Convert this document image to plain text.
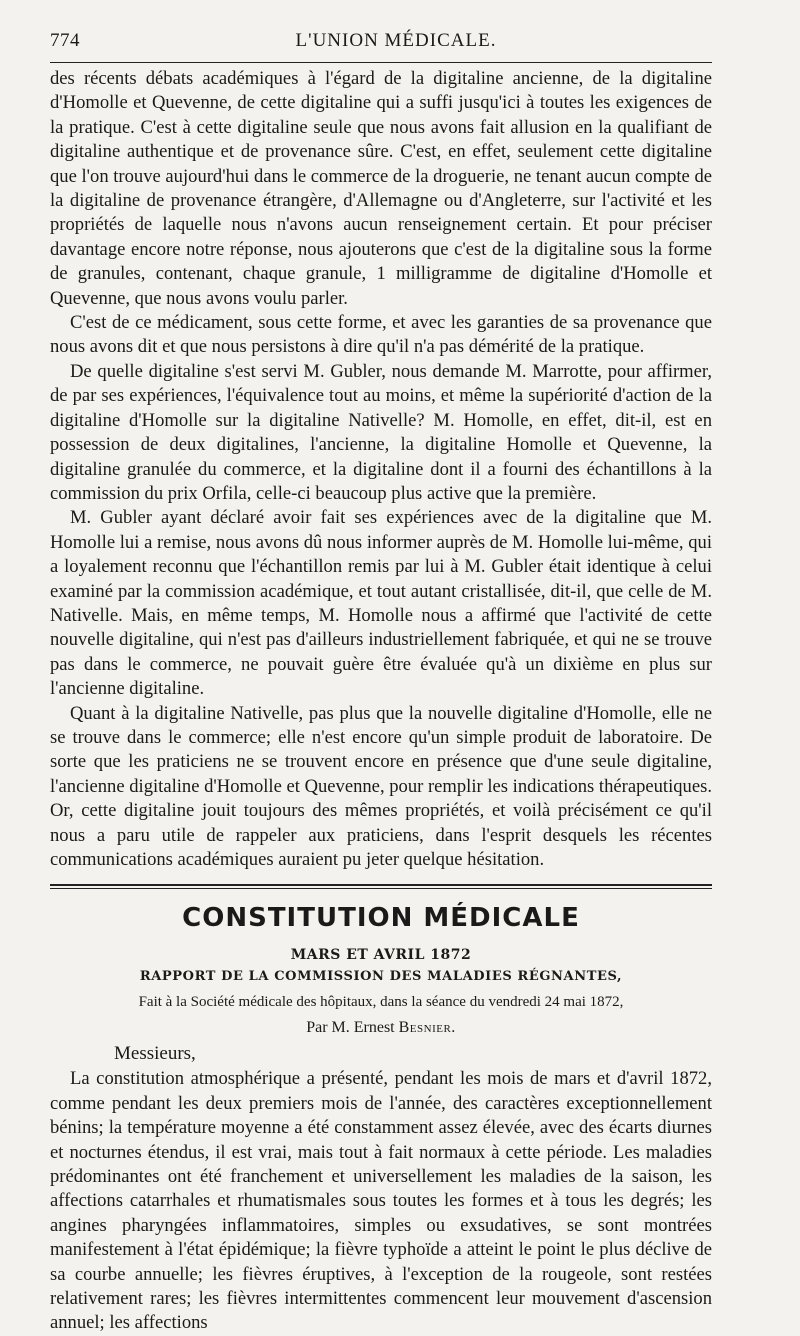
774	L'UNION MÉDICALE.

des récents débats académiques à l'égard de la digitaline ancienne, de la digitaline d'Homolle et Quevenne, de cette digitaline qui a suffi jusqu'ici à toutes les exigences de la pratique. C'est à cette digitaline seule que nous avons fait allusion en la qualifiant de digitaline authentique et de provenance sûre. C'est, en effet, seulement cette digitaline que l'on trouve aujourd'hui dans le commerce de la droguerie, ne tenant aucun compte de la digitaline de provenance étrangère, d'Allemagne ou d'Angleterre, sur l'activité et les propriétés de laquelle nous n'avons aucun renseignement certain. Et pour préciser davantage encore notre réponse, nous ajouterons que c'est de la digitaline sous la forme de granules, contenant, chaque granule, 1 milligramme de digitaline d'Homolle et Quevenne, que nous avons voulu parler.

C'est de ce médicament, sous cette forme, et avec les garanties de sa provenance que nous avons dit et que nous persistons à dire qu'il n'a pas démérité de la pratique.

De quelle digitaline s'est servi M. Gubler, nous demande M. Marrotte, pour affirmer, de par ses expériences, l'équivalence tout au moins, et même la supériorité d'action de la digitaline d'Homolle sur la digitaline Nativelle? M. Homolle, en effet, dit-il, est en possession de deux digitalines, l'ancienne, la digitaline Homolle et Quevenne, la digitaline granulée du commerce, et la digitaline dont il a fourni des échantillons à la commission du prix Orfila, celle-ci beaucoup plus active que la première.

M. Gubler ayant déclaré avoir fait ses expériences avec de la digitaline que M. Homolle lui a remise, nous avons dû nous informer auprès de M. Homolle lui-même, qui a loyalement reconnu que l'échantillon remis par lui à M. Gubler était identique à celui examiné par la commission académique, et tout autant cristallisée, dit-il, que celle de M. Nativelle. Mais, en même temps, M. Homolle nous a affirmé que l'activité de cette nouvelle digitaline, qui n'est pas d'ailleurs industriellement fabriquée, et qui ne se trouve pas dans le commerce, ne pouvait guère être évaluée qu'à un dixième en plus sur l'ancienne digitaline.

Quant à la digitaline Nativelle, pas plus que la nouvelle digitaline d'Homolle, elle ne se trouve dans le commerce; elle n'est encore qu'un simple produit de laboratoire. De sorte que les praticiens ne se trouvent encore en présence que d'une seule digitaline, l'ancienne digitaline d'Homolle et Quevenne, pour remplir les indications thérapeutiques. Or, cette digitaline jouit toujours des mêmes propriétés, et voilà précisément ce qu'il nous a paru utile de rappeler aux praticiens, dans l'esprit desquels les récentes communications académiques auraient pu jeter quelque hésitation.

CONSTITUTION MÉDICALE
MARS ET AVRIL 1872
RAPPORT DE LA COMMISSION DES MALADIES RÉGNANTES,
Fait à la Société médicale des hôpitaux, dans la séance du vendredi 24 mai 1872,
Par M. Ernest Besnier.
Messieurs,

La constitution atmosphérique a présenté, pendant les mois de mars et d'avril 1872, comme pendant les deux premiers mois de l'année, des caractères exceptionnellement bénins; la température moyenne a été constamment assez élevée, avec des écarts diurnes et nocturnes étendus, il est vrai, mais tout à fait normaux à cette période. Les maladies prédominantes ont été franchement et universellement les maladies de la saison, les affections catarrhales et rhumatismales sous toutes les formes et à tous les degrés; les angines pharyngées inflammatoires, simples ou exsudatives, se sont montrées manifestement à l'état épidémique; la fièvre typhoïde a atteint le point le plus déclive de sa courbe annuelle; les fièvres éruptives, à l'exception de la rougeole, sont restées relativement rares; les fièvres intermittentes commencent leur mouvement d'ascension annuel; les affections
